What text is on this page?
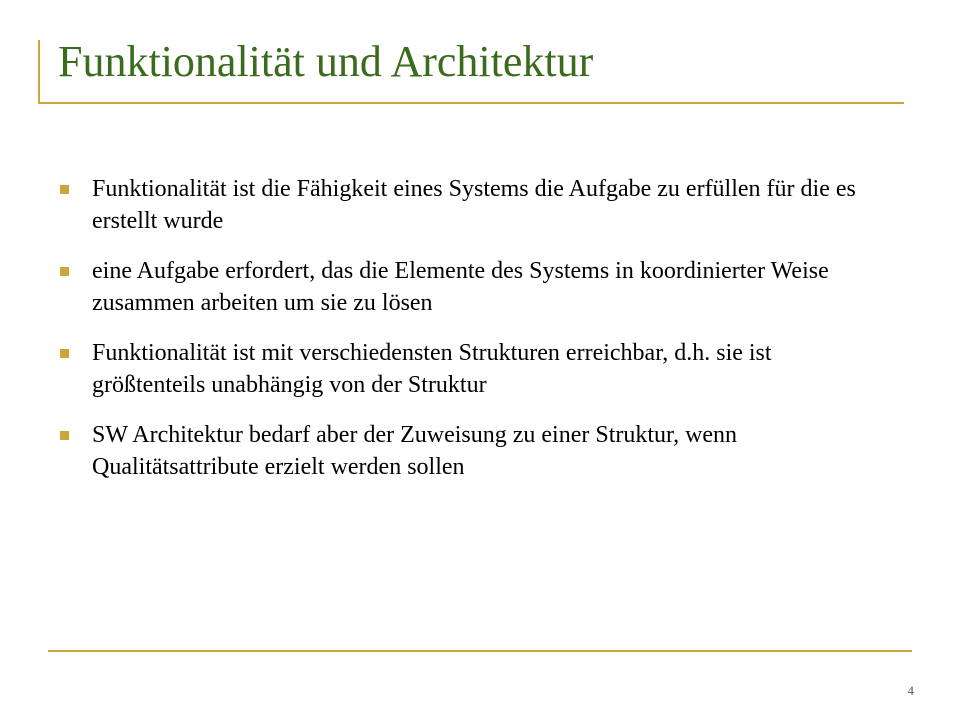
Funktionalität und Architektur
Funktionalität ist die Fähigkeit eines Systems die Aufgabe zu erfüllen für die es erstellt wurde
eine Aufgabe erfordert, das die Elemente des Systems in koordinierter Weise zusammen arbeiten um sie zu lösen
Funktionalität ist mit verschiedensten Strukturen erreichbar, d.h. sie ist größtenteils unabhängig von der Struktur
SW Architektur bedarf aber der Zuweisung zu einer Struktur, wenn Qualitätsattribute erzielt werden sollen
4
